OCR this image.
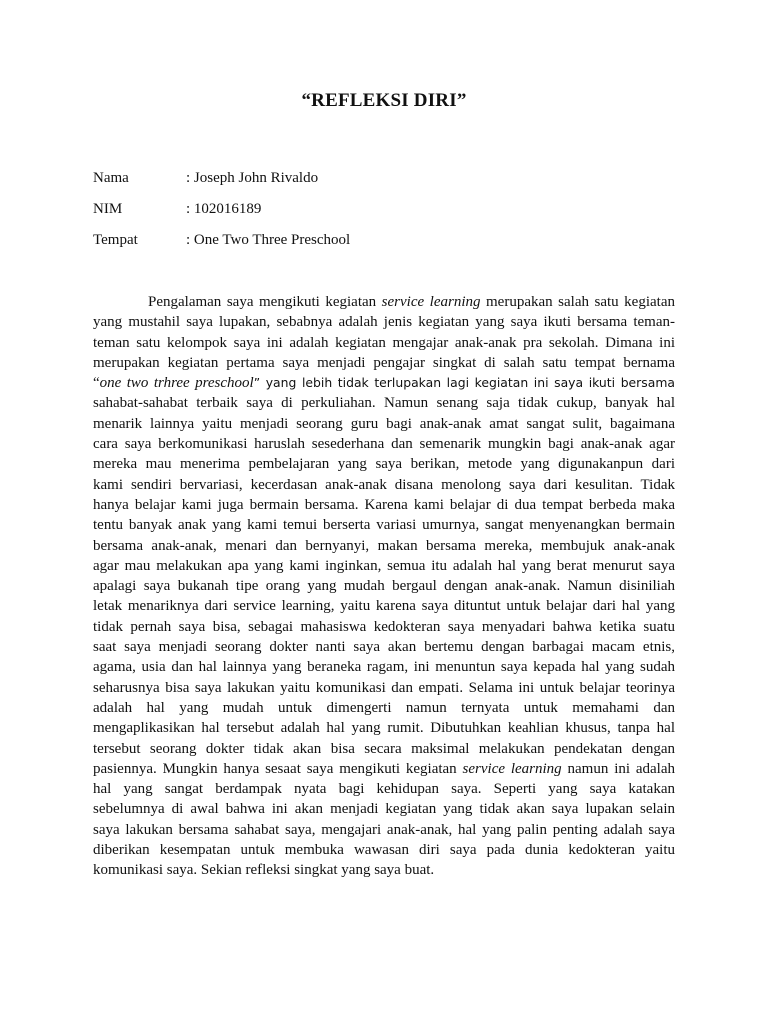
“REFLEKSI DIRI”
Nama	: Joseph John Rivaldo
NIM	: 102016189
Tempat	: One Two Three Preschool
Pengalaman saya mengikuti kegiatan service learning merupakan salah satu kegiatan
yang mustahil saya lupakan, sebabnya adalah jenis kegiatan yang saya ikuti bersama teman-
teman satu kelompok saya ini adalah kegiatan mengajar anak-anak pra sekolah. Dimana ini
merupakan kegiatan pertama saya menjadi pengajar singkat di salah satu tempat bernama
“one two trhree preschool” yang lebih tidak terlupakan lagi kegiatan ini saya ikuti bersama
sahabat-sahabat terbaik saya di perkuliahan. Namun senang saja tidak cukup, banyak hal
menarik lainnya yaitu menjadi seorang guru bagi anak-anak amat sangat sulit, bagaimana
cara saya berkomunikasi haruslah sesederhana dan semenarik mungkin bagi anak-anak agar
mereka mau menerima pembelajaran yang saya berikan, metode yang digunakanpun dari
kami sendiri bervariasi, kecerdasan anak-anak disana menolong saya dari kesulitan. Tidak
hanya belajar kami juga bermain bersama. Karena kami belajar di dua tempat berbeda maka
tentu banyak anak yang kami temui berserta variasi umurnya, sangat menyenangkan bermain
bersama anak-anak, menari dan bernyanyi, makan bersama mereka, membujuk anak-anak
agar mau melakukan apa yang kami inginkan, semua itu adalah hal yang berat menurut saya
apalagi saya bukanah tipe orang yang mudah bergaul dengan anak-anak. Namun disiniliah
letak menariknya dari service learning, yaitu karena saya dituntut untuk belajar dari hal yang
tidak pernah saya bisa, sebagai mahasiswa kedokteran saya menyadari bahwa ketika suatu
saat saya menjadi seorang dokter nanti saya akan bertemu dengan barbagai macam etnis,
agama, usia dan hal lainnya yang beraneka ragam, ini menuntun saya kepada hal yang sudah
seharusnya bisa saya lakukan yaitu komunikasi dan empati. Selama ini untuk belajar teorinya
adalah hal yang mudah untuk dimengerti namun ternyata untuk memahami dan
mengaplikasikan hal tersebut adalah hal yang rumit. Dibutuhkan keahlian khusus, tanpa hal
tersebut seorang dokter tidak akan bisa secara maksimal melakukan pendekatan dengan
pasiennya. Mungkin hanya sesaat saya mengikuti kegiatan service learning namun ini adalah
hal yang sangat berdampak nyata bagi kehidupan saya. Seperti yang saya katakan
sebelumnya di awal bahwa ini akan menjadi kegiatan yang tidak akan saya lupakan selain
saya lakukan bersama sahabat saya, mengajari anak-anak, hal yang palin penting adalah saya
diberikan kesempatan untuk membuka wawasan diri saya pada dunia kedokteran yaitu
komunikasi saya. Sekian refleksi singkat yang saya buat.
